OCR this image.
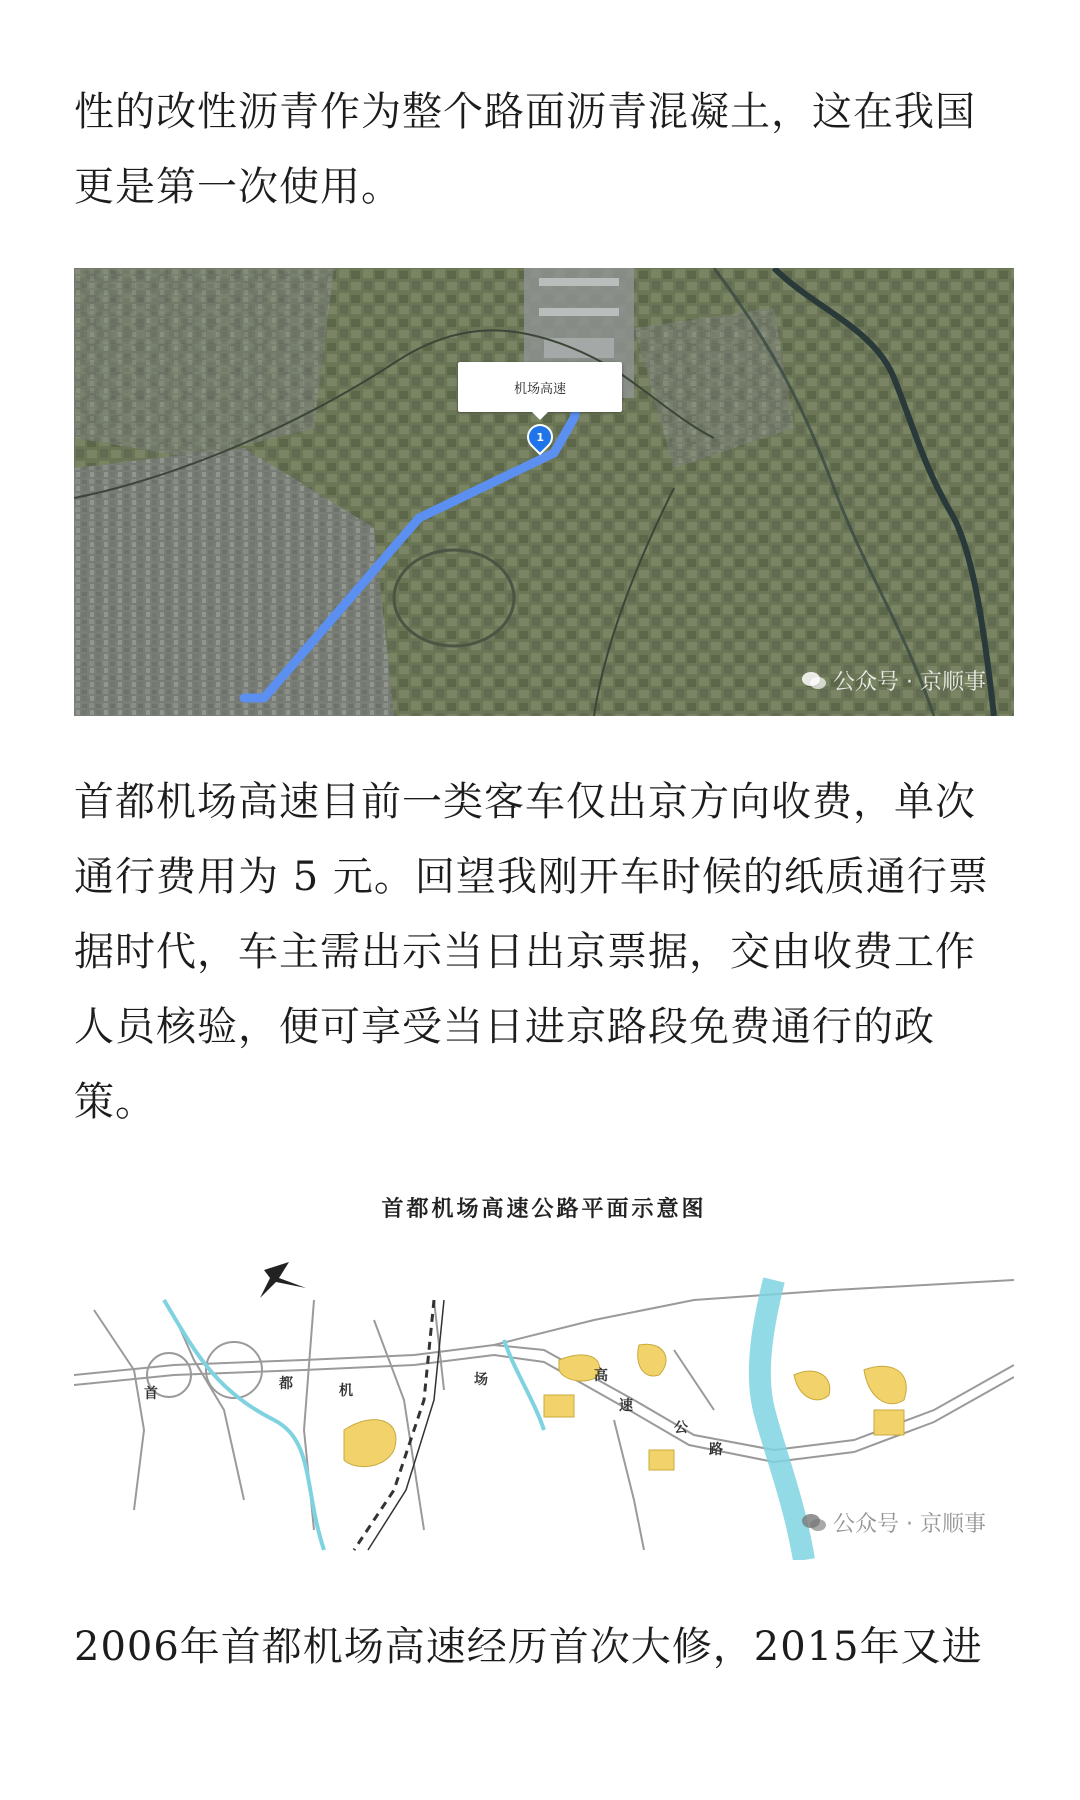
性的改性沥青作为整个路面沥青混凝土，这在我国更是第一次使用。

机场高速
1
公众号 · 京顺事

首都机场高速目前一类客车仅出京方向收费，单次通行费用为 5 元。回望我刚开车时候的纸质通行票据时代，车主需出示当日出京票据，交由收费工作人员核验，便可享受当日进京路段免费通行的政策。

首都机场高速公路平面示意图
首
都	机
场	高
速
公
路
公众号 · 京顺事

2006年首都机场高速经历首次大修，2015年又进
